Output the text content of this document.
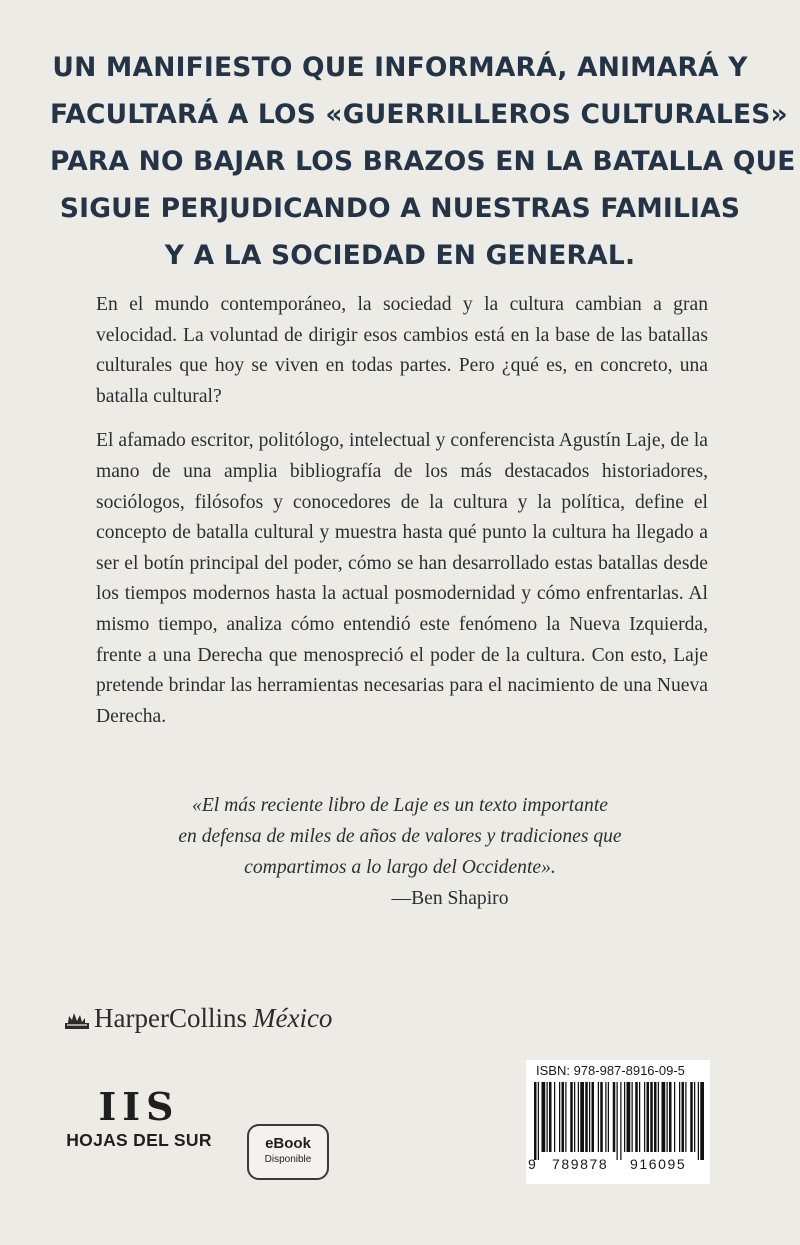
UN MANIFIESTO QUE INFORMARÁ, ANIMARÁ Y
FACULTARÁ A LOS «GUERRILLEROS CULTURALES»
PARA NO BAJAR LOS BRAZOS EN LA BATALLA QUE
SIGUE PERJUDICANDO A NUESTRAS FAMILIAS
Y A LA SOCIEDAD EN GENERAL.

En el mundo contemporáneo, la sociedad y la cultura cambian a gran velocidad. La voluntad de dirigir esos cambios está en la base de las batallas culturales que hoy se viven en todas partes. Pero ¿qué es, en concreto, una batalla cultural?

El afamado escritor, politólogo, intelectual y conferencista Agustín Laje, de la mano de una amplia bibliografía de los más destacados historiadores, sociólogos, filósofos y conocedores de la cultura y la política, define el concepto de batalla cultural y muestra hasta qué punto la cultura ha llegado a ser el botín principal del poder, cómo se han desarrollado estas batallas desde los tiempos modernos hasta la actual posmodernidad y cómo enfrentarlas. Al mismo tiempo, analiza cómo entendió este fenómeno la Nueva Izquierda, frente a una Derecha que menospreció el poder de la cultura. Con esto, Laje pretende brindar las herramientas necesarias para el nacimiento de una Nueva Derecha.

«El más reciente libro de Laje es un texto importante
en defensa de miles de años de valores y tradiciones que
compartimos a lo largo del Occidente».
—Ben Shapiro
HarperCollins México
IIS
HOJAS DEL SUR	eBook
Disponible
ISBN: 978-987-8916-09-5
9 789878 916095
